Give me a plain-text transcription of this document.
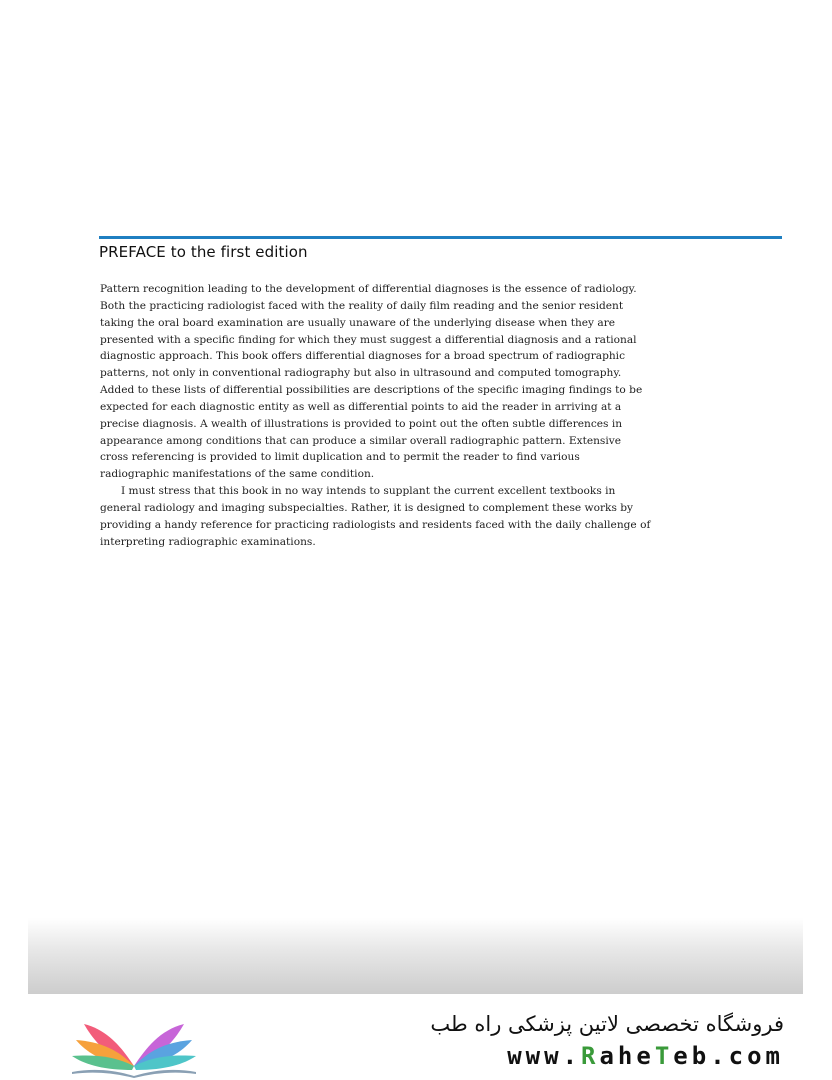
PREFACE to the first edition
Pattern recognition leading to the development of differential diagnoses is the essence of radiology.
Both the practicing radiologist faced with the reality of daily film reading and the senior resident
taking the oral board examination are usually unaware of the underlying disease when they are
presented with a specific finding for which they must suggest a differential diagnosis and a rational
diagnostic approach. This book offers differential diagnoses for a broad spectrum of radiographic
patterns, not only in conventional radiography but also in ultrasound and computed tomography.
Added to these lists of differential possibilities are descriptions of the specific imaging findings to be
expected for each diagnostic entity as well as differential points to aid the reader in arriving at a
precise diagnosis. A wealth of illustrations is provided to point out the often subtle differences in
appearance among conditions that can produce a similar overall radiographic pattern. Extensive
cross referencing is provided to limit duplication and to permit the reader to find various
radiographic manifestations of the same condition.
I must stress that this book in no way intends to supplant the current excellent textbooks in
general radiology and imaging subspecialties. Rather, it is designed to complement these works by
providing a handy reference for practicing radiologists and residents faced with the daily challenge of
interpreting radiographic examinations.
فروشگاه تخصصی لاتین پزشکی راه طب
www.RaheTeb.com
